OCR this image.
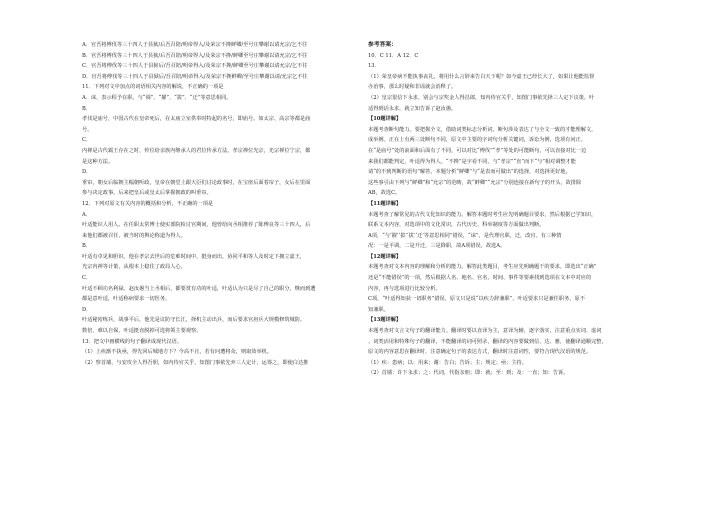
A．官吾将傅伐等三十四人于县狱/后吾召陪/明帝得入/及荣宗不搀鲜卿/至号庄攀谢以请允宗/乞不往
B．官吾将傅伐等三十四人于县狱/后吾召陪/明帝得入/及荣宗不搀/鲜卿至号庄攀谢以请允宗/乞不往
C．官吾将傅伐等三十四人于县狱后/吾召陪/明帝得入/及荣宗不搀/鲜卿至号庄攀谢以请允宗/乞不往
D．官吾将傅伐等三十四人于县狱后/吾召陪/明帝得入/及荣宗不搀鲜卿/至号庄攀谢以请/允宗乞不往
11．下列对文中加点的词语相关内容的解说，不正确的一项是
A．诔，表示程予在职，与“调”、“擢”、“拔”、“迁”等意思相同。
B．
孝伐是庙号，中国古代在皇帝死后，在太庙立室供奉时特起的名号，即庙号。如太宗、高宗等都是庙
号。
C．
内禅是古代霸王存在之时，传位给亲族内继承人的君位传承方法。孝宗禅位光宗，光宗禅位宁宗，都
是这种方法。
D．
垂帘，朝女后临朝主幅朝听政。皇帝在朝堂上跟大臣们讨论政事时，在宝座后面着帘子，女后在里面
参与决定政事。后来把皇后或皇太后掌握朝政的叫垂帘。
12．下列对原文有关内容的概括和分析，不正确的一项是
A．
叶适能识人用人。在任职太常博士使实部院检讨官期间，他曾给向丞相推荐了陈傅良等三十四人，后
来他们都被召任，被当时的舆论称道为得人。
B．
叶适有卓见和胆识。他在孝宗去世后的危难时间中，挺身而出，协同平和等人及时定下拥立嘉王，
光宗内禅等计策，从根本上稳住了政局人心。
C．
叶适不顾功名利禄。赵汝愚当上丞相后，都要赏有功的叶适，叶适认为只是尽了自己的职分，继而到遭
都是意叶适，叶适称病要求一切医务。
D．
叶适秘密练兵，战事平后，他先是议防守长江，择机主动出兵，而后要求官府兵大规模修筑城防。
数倍，难以自保，叶适挺直脱掉可选将领主要观察。
13．把文中画横线的句子翻译成现代汉语。
（1）上疾渐不执亟，得先回后城地方下？今高不且，若有问遭将众，则取效举机。
（2）察首墙，与安攻全人得吾胆，如内待官关乎，知图门事依先弃三人定计，运筹之，即使白达推
参考答案：
10．C 11．A 12．C
13．
（1）荣皇帝病不能执事丧礼，将用什么言辞来告白天下呢？如今嘉王已经长大了，如果让他能监督
办治事，那么时疑和非谣就会消释了。
（2）皇宗很信下永求，别会与宗奖金人得昌郎，知内侍官关乎，知图门事依先择三人定下议策，叶
适得到话永求，就立知告诉了赵汝愚。
【10题详解】
本题考查断句能力。要把握全文，借助词类标志分析词，断句涉及表达了与全文一致的才能理解文，
成举例。正在上有两三处断句不同，原文中主要的字词句分析关键词，诉讼为例，选项有问正。
在“是庙号”处的前面和后面有了不同，可以对比“傅伐”“孝”等处的可能断句，可以直接对比一边
来我们都能判定，叶适得为得人。“不搀”是字看不同，与“孝宗”“直”而下“与”相对调整才能
请“的不到判断的语句”解答，本题分析“鲜卿”与“是表而可做出”的选择，对选择更好地，
这些事引由下列与“鲜卿”和“允宗”的范畴，故“鲜卿”“允宗”分别连接在新句子的开头，故排除
AB，故选C。
【11题详解】
本题考查了解常见的古代文化知识的能力。解答本题时考生应先明确题目要求，然后根据已学知识，
联系文本内容，对选项中的文化常识，古代历史、科举制度等方面做出判断。
A项，“与‘擢’‘拔’‘拔’‘迁’等意思相同”错误，“诔”，是代理官职，迁，改官。有三种情
况：一是平调，二是升迁，三是降职，故A项错误，故选A。
【12题详解】
本题考查对文本内容的理解和分析的能力。解答此类题目，考生应先明确题干的要求，即选出“正确”
还是“不能错误”的一项，然后根据人名、地名、官名、时间、事件等要素找到选项在文本中对应的
内容，再与选项进行比较分析。
C项，“叶适得知获一切职务”错误，原文只是说“以疾力辞兼职”，叶适要求只是兼任职务，原不
知兼职。
【13题详解】
本题考查对文言文句子的翻译能力。翻译时要以直译为主，意译为辅，逐字落实，注意重点实词、虚词
、词类活用和特殊句子的翻译，不能翻译的词可照录，翻译的内容要做到信、达、雅，使翻译通顺完整，
原文的内容意思在翻译时，注意确定句子的表达方式，翻译时注意词性，要符合现代汉语的规范。
（1）疾：患病；以：用来；谢：告白；告诉；主；规定；亟；主持。
（2）首墙：许下永求；之：代词，代指亲朋；即：就；至：到；及：一直；知：告诉。
